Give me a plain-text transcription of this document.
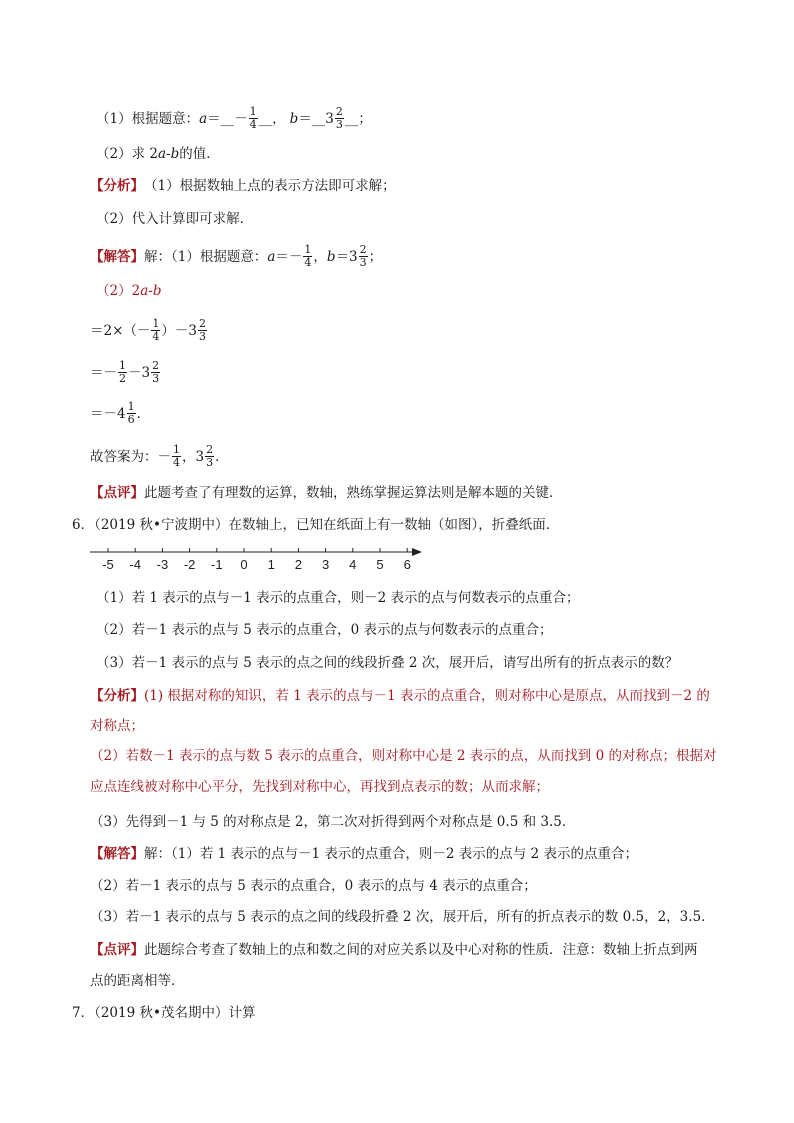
（1）根据题意： a ＝__－ $\frac{1}{4}$ __， b ＝__3 $\frac{2}{3}$ __；
（2）求 2 a - b 的值．
【分析】 （1）根据数轴上点的表示方法即可求解；
（2）代入计算即可求解．
【解答】 解：（1）根据题意： $a =- \frac{1}{4}$ ， $b =3 \frac{2}{3}$ ；
（2）2 a - b
$=2\times(- \frac{1}{4} )-3 \frac{2}{3}$
＝－ $\frac{1}{2} -3 \frac{2}{3}$
$=-4 \frac{1}{6}$ ．
故答案为：－ $\frac{1}{4}$ ，$3 \frac{2}{3}$ ．
【点评】 此题考查了有理数的运算，数轴，熟练掌握运算法则是解本题的关键．
6．（2019 秋•宁波期中）在数轴上，已知在纸面上有一数轴（如图），折叠纸面．
-5 -4 -3 -2 -1 0 1 2 3 4 5 6
（1）若 1 表示的点与－1 表示的点重合，则－2 表示的点与何数表示的点重合；
（2）若－1 表示的点与 5 表示的点重合，0 表示的点与何数表示的点重合；
（3）若－1 表示的点与 5 表示的点之间的线段折叠 2 次，展开后，请写出所有的折点表示的数？
【分析】 (1) 根据对称的知识，若 1 表示的点与－1 表示的点重合，则对称中心是原点，从而找到－2 的
对称点；
（2）若数－1 表示的点与数 5 表示的点重合，则对称中心是 2 表示的点，从而找到 0 的对称点；根据对
应点连线被对称中心平分，先找到对称中心，再找到点表示的数；从而求解；
（3）先得到－1 与 5 的对称点是 2，第二次对折得到两个对称点是 0.5 和 3.5．
【解答】 解：（1）若 1 表示的点与－1 表示的点重合，则－2 表示的点与 2 表示的点重合；
（2）若－1 表示的点与 5 表示的点重合，0 表示的点与 4 表示的点重合；
（3）若－1 表示的点与 5 表示的点之间的线段折叠 2 次，展开后，所有的折点表示的数 0.5，2，3.5．
【点评】 此题综合考查了数轴上的点和数之间的对应关系以及中心对称的性质．注意：数轴上折点到两
点的距离相等．
7．（2019 秋•茂名期中）计算
